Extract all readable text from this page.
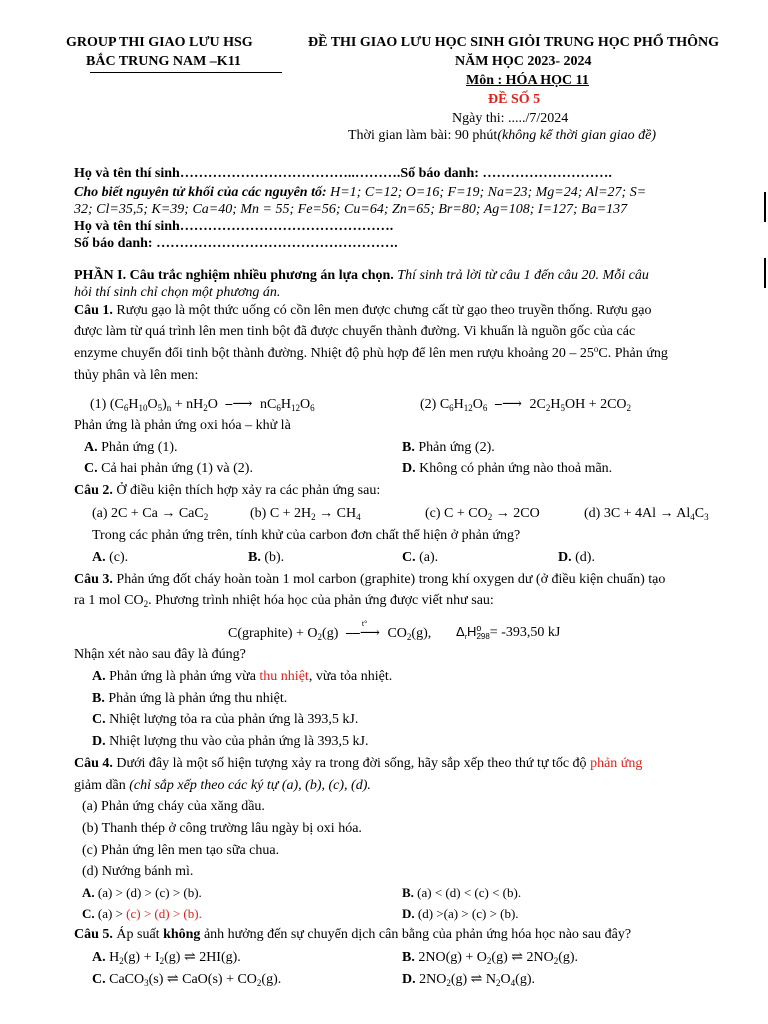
GROUP THI GIAO LƯU HSG
BẮC TRUNG NAM –K11
ĐỀ THI GIAO LƯU HỌC SINH GIỎI TRUNG HỌC PHỔ THÔNG
NĂM HỌC 2023- 2024
Môn : HÓA HỌC 11
ĐỀ SỐ 5
Ngày thi: ...../7/2024
Thời gian làm bài: 90 phút(không kể thời gian giao đề)
Họ và tên thí sinh………………………………..……….Số báo danh: ……………………….
Cho biết nguyên tử khối của các nguyên tố: H=1; C=12; O=16; F=19; Na=23; Mg=24; Al=27; S=
32; Cl=35,5; K=39; Ca=40; Mn = 55; Fe=56; Cu=64; Zn=65; Br=80; Ag=108; I=127; Ba=137
Họ và tên thí sinh……………………………………….
Số báo danh: …………………………………………….
PHẦN I. Câu trắc nghiệm nhiều phương án lựa chọn. Thí sinh trả lời từ câu 1 đến câu 20. Mỗi câu
hỏi thí sinh chỉ chọn một phương án.
Câu 1. Rượu gạo là một thức uống có cồn lên men được chưng cất từ gạo theo truyền thống. Rượu gạo
được làm từ quá trình lên men tinh bột đã được chuyển thành đường. Vi khuẩn là nguồn gốc của các
enzyme chuyển đổi tinh bột thành đường. Nhiệt độ phù hợp để lên men rượu khoảng 20 – 25$^o$C. Phản ứng
thủy phân và lên men:
(1) $(C_6H_{10}O_5)_n + nH_2O$ ⎯⟶ $nC_6H_{12}O_6$	(2) $C_6H_{12}O_6$ ⎯⟶ $2C_2H_5OH + 2CO_2$
Phản ứng là phản ứng oxi hóa – khử là
A. Phản ứng (1).	B. Phản ứng (2).
C. Cả hai phản ứng (1) và (2).	D. Không có phản ứng nào thoả mãn.
Câu 2. Ở điều kiện thích hợp xảy ra các phản ứng sau:
(a) 2C + Ca → CaC$_2$	(b) $C + 2H_2 \to CH_4$	(c) $C + CO_2 \to 2CO$	(d) $3C + 4Al \to Al_4C_3$
Trong các phản ứng trên, tính khử của carbon đơn chất thể hiện ở phản ứng?
A. (c).	B. (b).	C. (a).	D. (d).
Câu 3. Phản ứng đốt cháy hoàn toàn 1 mol carbon (graphite) trong khí oxygen dư (ở điều kiện chuẩn) tạo
ra 1 mol $CO_2$. Phương trình nhiệt hóa học của phản ứng được viết như sau:
C(graphite) + $O_2(g)$ ⎯⎯⟶
t°
$CO_2(g)$, $\Delta_rH^o_{298}= -393,50$ kJ
Nhận xét nào sau đây là đúng?
A. Phản ứng là phản ứng vừa thu nhiệt, vừa tỏa nhiệt.
B. Phản ứng là phản ứng thu nhiệt.
C. Nhiệt lượng tỏa ra của phản ứng là 393,5 kJ.
D. Nhiệt lượng thu vào của phản ứng là 393,5 kJ.
Câu 4. Dưới đây là một số hiện tượng xảy ra trong đời sống, hãy sắp xếp theo thứ tự tốc độ phản ứng
giảm dần (chỉ sắp xếp theo các ký tự (a), (b), (c), (d).
(a) Phản ứng cháy của xăng dầu.
(b) Thanh thép ở công trường lâu ngày bị oxi hóa.
(c) Phản ứng lên men tạo sữa chua.
(d) Nướng bánh mì.
A. (a) > (d) > (c) > (b).	B. (a) < (d) < (c) < (b).
C. (a) > (c) > (d) > (b).	D. (d) >(a) > (c) > (b).
Câu 5. Áp suất không ảnh hưởng đến sự chuyển dịch cân bằng của phản ứng hóa học nào sau đây?
A. $H_2(g) + I_2(g)$ ⇌ 2HI(g).	B. $2NO(g) + O_2(g)$ ⇌ $2NO_2(g)$.
C. CaCO$_3$(s) ⇌ $CaO(s) + CO_2(g)$.	D. $2NO_2(g)$ ⇌ $N_2O_4(g)$.
